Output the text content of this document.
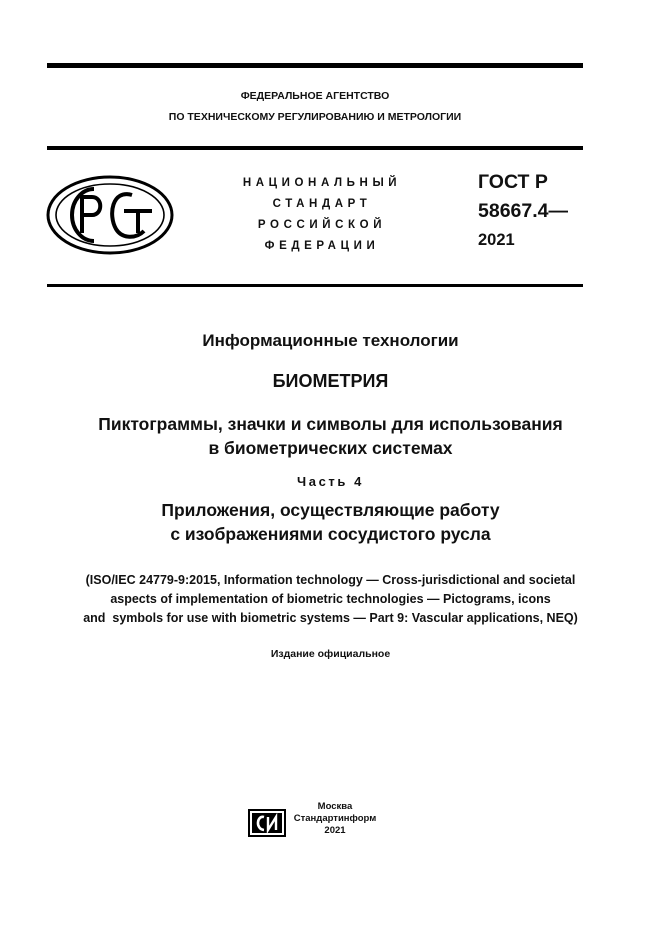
ФЕДЕРАЛЬНОЕ АГЕНТСТВО
ПО ТЕХНИЧЕСКОМУ РЕГУЛИРОВАНИЮ И МЕТРОЛОГИИ
НАЦИОНАЛЬНЫЙ
СТАНДАРТ
РОССИЙСКОЙ
ФЕДЕРАЦИИ
ГОСТ Р
58667.4—
2021
Информационные технологии
БИОМЕТРИЯ
Пиктограммы, значки и символы для использования
в биометрических системах
Часть 4
Приложения, осуществляющие работу
с изображениями сосудистого русла
(ISO/IEC 24779-9:2015, Information technology — Cross-jurisdictional and societal
aspects of implementation of biometric technologies — Pictograms, icons
and  symbols for use with biometric systems — Part 9: Vascular applications, NEQ)
Издание официальное
Москва
Стандартинформ
2021
